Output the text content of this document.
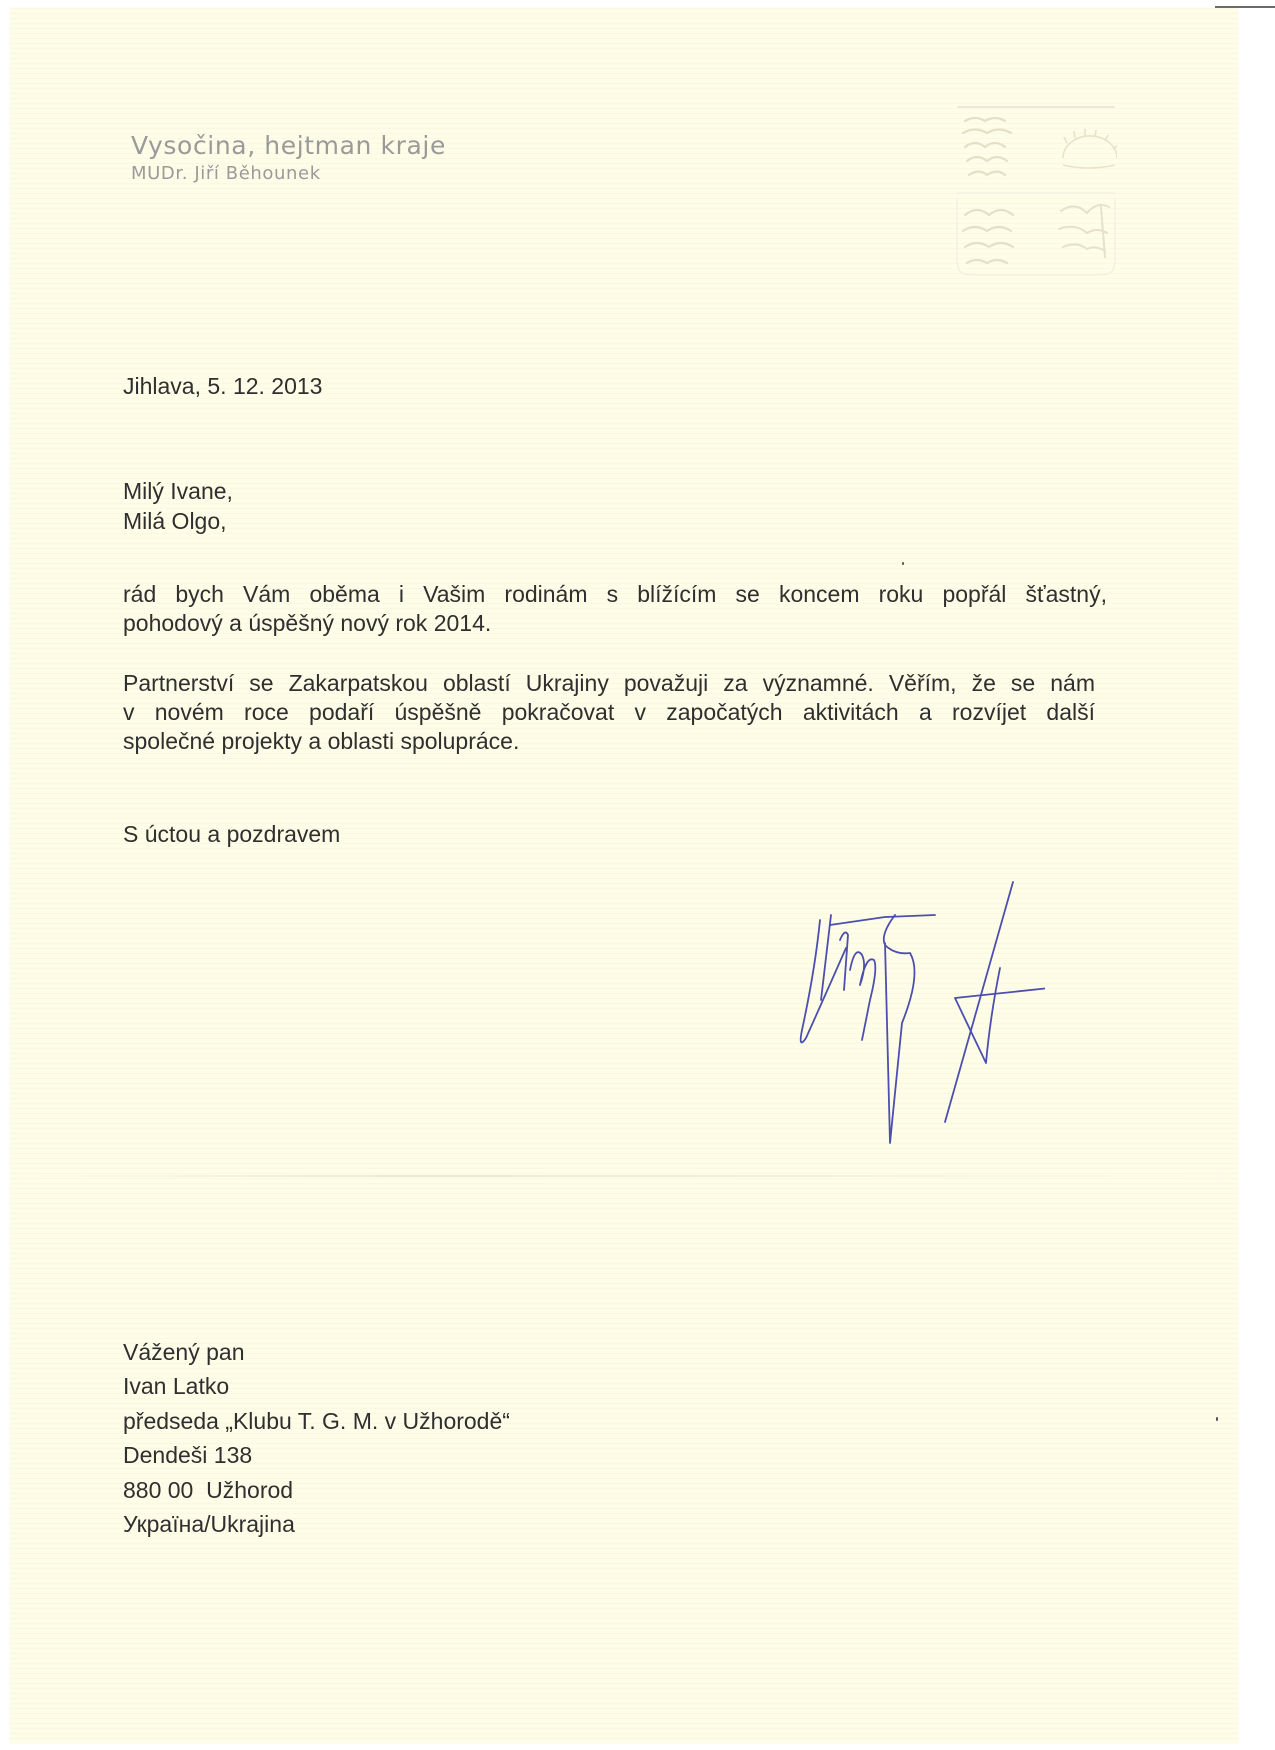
Vysočina, hejtman kraje
MUDr. Jiří Běhounek
Jihlava, 5. 12. 2013
Milý Ivane,
Milá Olgo,
rád bych Vám oběma i Vašim rodinám s blížícím se koncem roku popřál šťastný,
pohodový a úspěšný nový rok 2014.
Partnerství se Zakarpatskou oblastí Ukrajiny považuji za významné. Věřím, že se nám
v novém roce podaří úspěšně pokračovat v započatých aktivitách a rozvíjet další
společné projekty a oblasti spolupráce.
S úctou a pozdravem
Vážený pan
Ivan Latko
předseda „Klubu T. G. M. v Užhorodě“
Dendeši 138
880 00  Užhorod
Україна/Ukrajina
